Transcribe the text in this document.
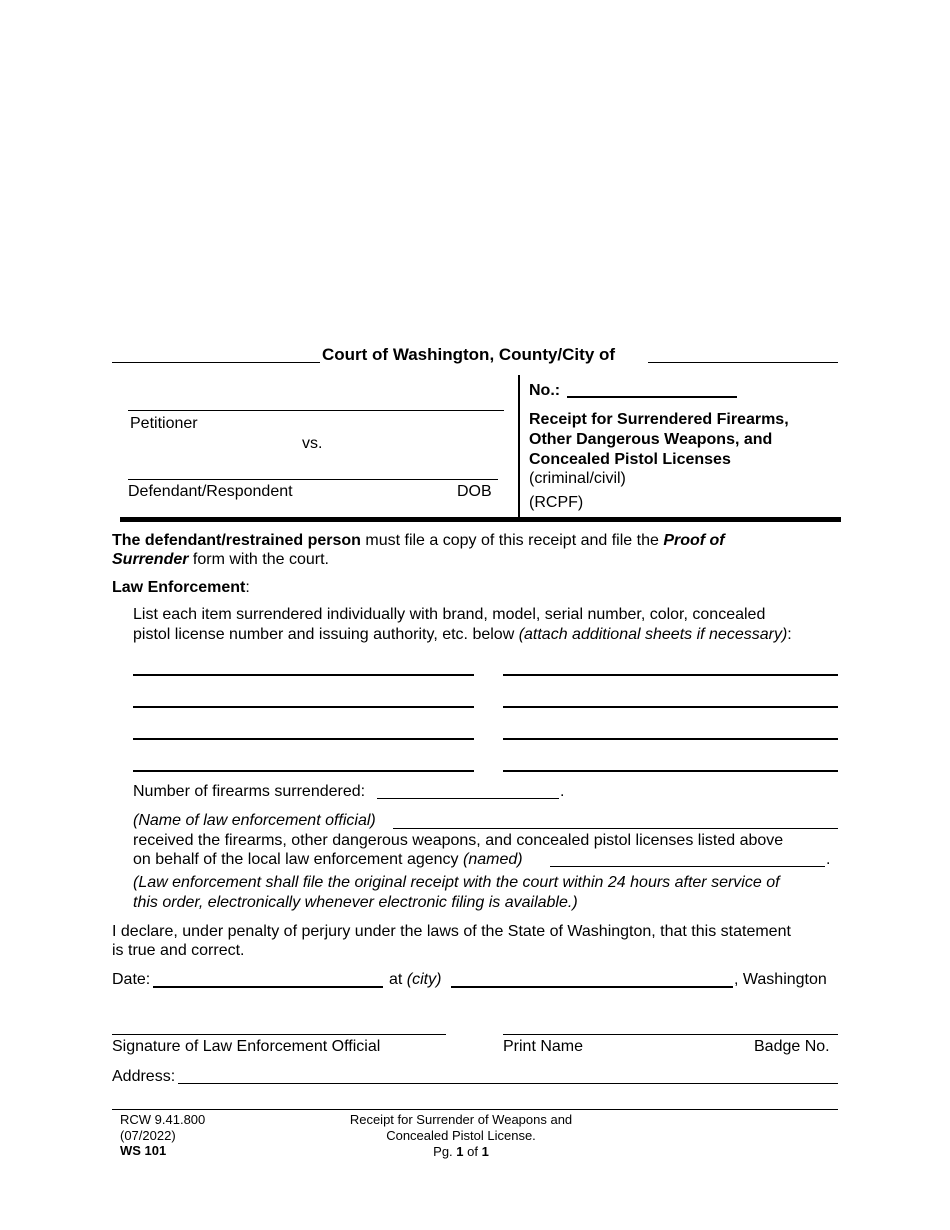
Court of Washington, County/City of
Petitioner
vs.
Defendant/Respondent	DOB
No.:
Receipt for Surrendered Firearms,
Other Dangerous Weapons, and
Concealed Pistol Licenses
(criminal/civil)
(RCPF)
The defendant/restrained person must file a copy of this receipt and file the Proof of
Surrender form with the court.
Law Enforcement:
List each item surrendered individually with brand, model, serial number, color, concealed
pistol license number and issuing authority, etc. below (attach additional sheets if necessary):
Number of firearms surrendered:	.
(Name of law enforcement official)
received the firearms, other dangerous weapons, and concealed pistol licenses listed above
on behalf of the local law enforcement agency (named)	.
(Law enforcement shall file the original receipt with the court within 24 hours after service of
this order, electronically whenever electronic filing is available.)
I declare, under penalty of perjury under the laws of the State of Washington, that this statement
is true and correct.
Date:	at (city)	, Washington
Signature of Law Enforcement Official	Print Name	Badge No.
Address:
RCW 9.41.800
(07/2022)
WS 101
Receipt for Surrender of Weapons and
Concealed Pistol License.
Pg. 1 of 1
